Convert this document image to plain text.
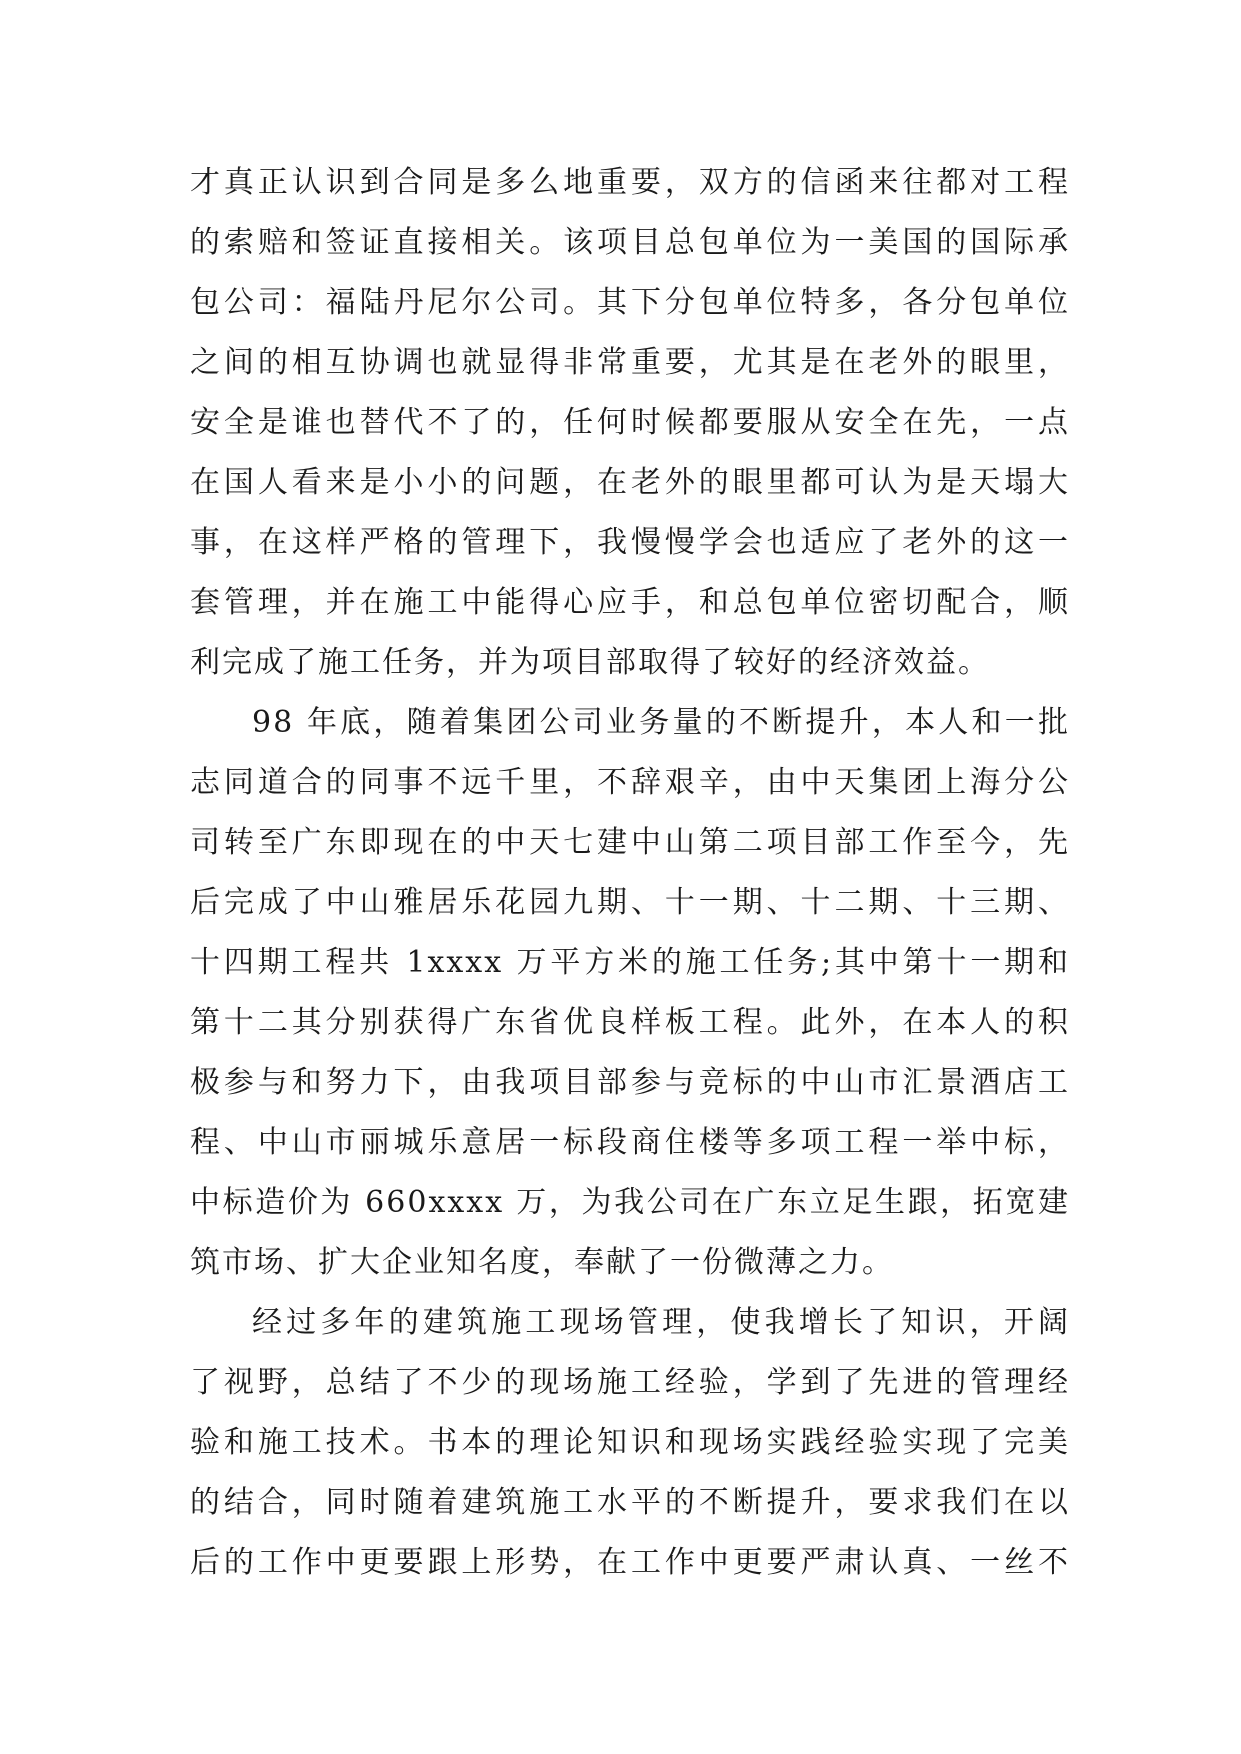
才真正认识到合同是多么地重要，双方的信函来往都对工程
的索赔和签证直接相关。该项目总包单位为一美国的国际承
包公司：福陆丹尼尔公司。其下分包单位特多，各分包单位
之间的相互协调也就显得非常重要，尤其是在老外的眼里，
安全是谁也替代不了的，任何时候都要服从安全在先，一点
在国人看来是小小的问题，在老外的眼里都可认为是天塌大
事，在这样严格的管理下，我慢慢学会也适应了老外的这一
套管理，并在施工中能得心应手，和总包单位密切配合，顺
利完成了施工任务，并为项目部取得了较好的经济效益。
98 年底，随着集团公司业务量的不断提升，本人和一批
志同道合的同事不远千里，不辞艰辛，由中天集团上海分公
司转至广东即现在的中天七建中山第二项目部工作至今，先
后完成了中山雅居乐花园九期、十一期、十二期、十三期、
十四期工程共 1xxxx 万平方米的施工任务;其中第十一期和
第十二其分别获得广东省优良样板工程。此外，在本人的积
极参与和努力下，由我项目部参与竞标的中山市汇景酒店工
程、中山市丽城乐意居一标段商住楼等多项工程一举中标，
中标造价为 660xxxx 万，为我公司在广东立足生跟，拓宽建
筑市场、扩大企业知名度，奉献了一份微薄之力。
经过多年的建筑施工现场管理，使我增长了知识，开阔
了视野，总结了不少的现场施工经验，学到了先进的管理经
验和施工技术。书本的理论知识和现场实践经验实现了完美
的结合，同时随着建筑施工水平的不断提升，要求我们在以
后的工作中更要跟上形势，在工作中更要严肃认真、一丝不
